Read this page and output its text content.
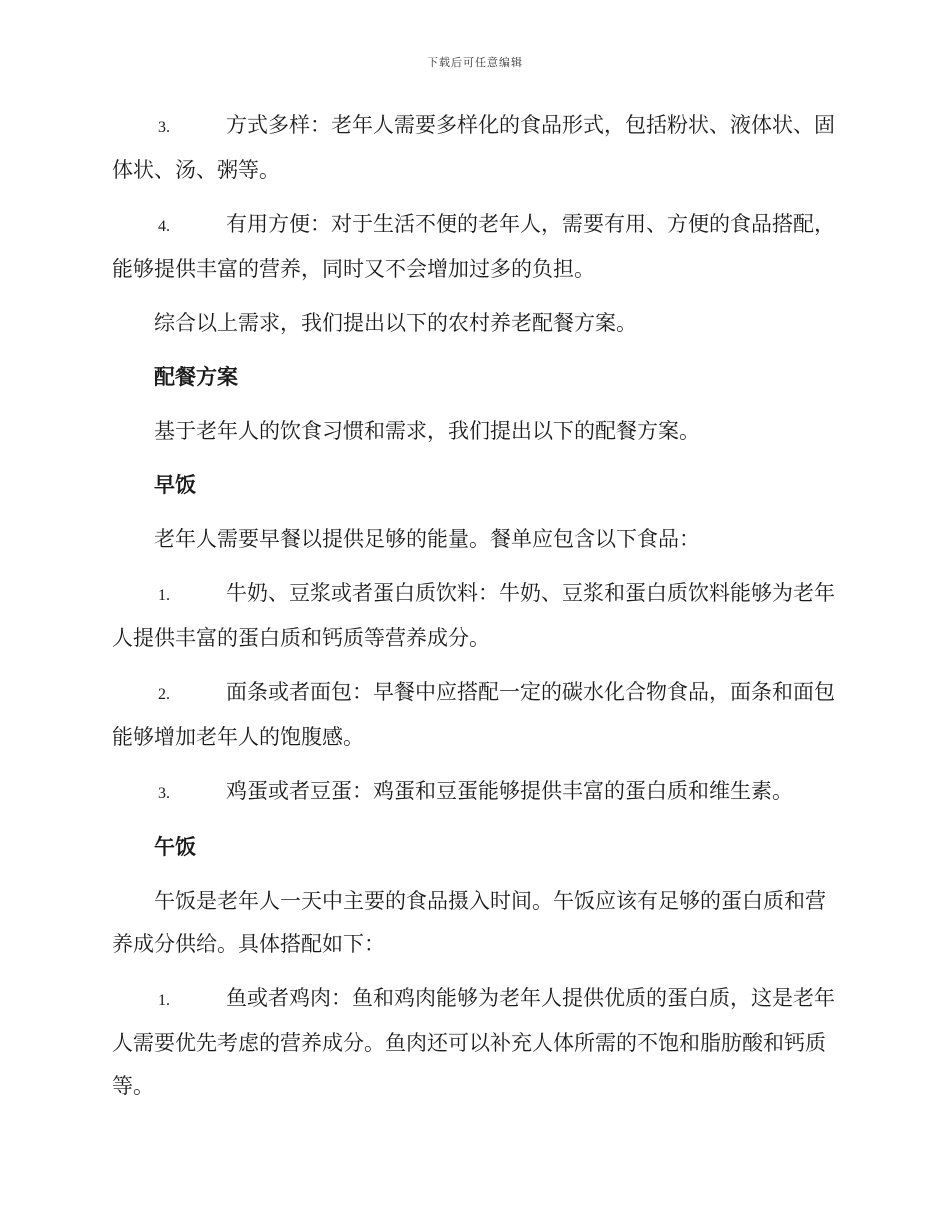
下载后可任意编辑

3.	方式多样：老年人需要多样化的食品形式，包括粉状、液体状、固体状、汤、粥等。

4.	有用方便：对于生活不便的老年人，需要有用、方便的食品搭配，能够提供丰富的营养，同时又不会增加过多的负担。

综合以上需求，我们提出以下的农村养老配餐方案。

配餐方案

基于老年人的饮食习惯和需求，我们提出以下的配餐方案。

早饭

老年人需要早餐以提供足够的能量。餐单应包含以下食品：

1.	牛奶、豆浆或者蛋白质饮料：牛奶、豆浆和蛋白质饮料能够为老年人提供丰富的蛋白质和钙质等营养成分。

2.	面条或者面包：早餐中应搭配一定的碳水化合物食品，面条和面包能够增加老年人的饱腹感。

3.	鸡蛋或者豆蛋：鸡蛋和豆蛋能够提供丰富的蛋白质和维生素。

午饭

午饭是老年人一天中主要的食品摄入时间。午饭应该有足够的蛋白质和营养成分供给。具体搭配如下：

1.	鱼或者鸡肉：鱼和鸡肉能够为老年人提供优质的蛋白质，这是老年人需要优先考虑的营养成分。鱼肉还可以补充人体所需的不饱和脂肪酸和钙质等。
